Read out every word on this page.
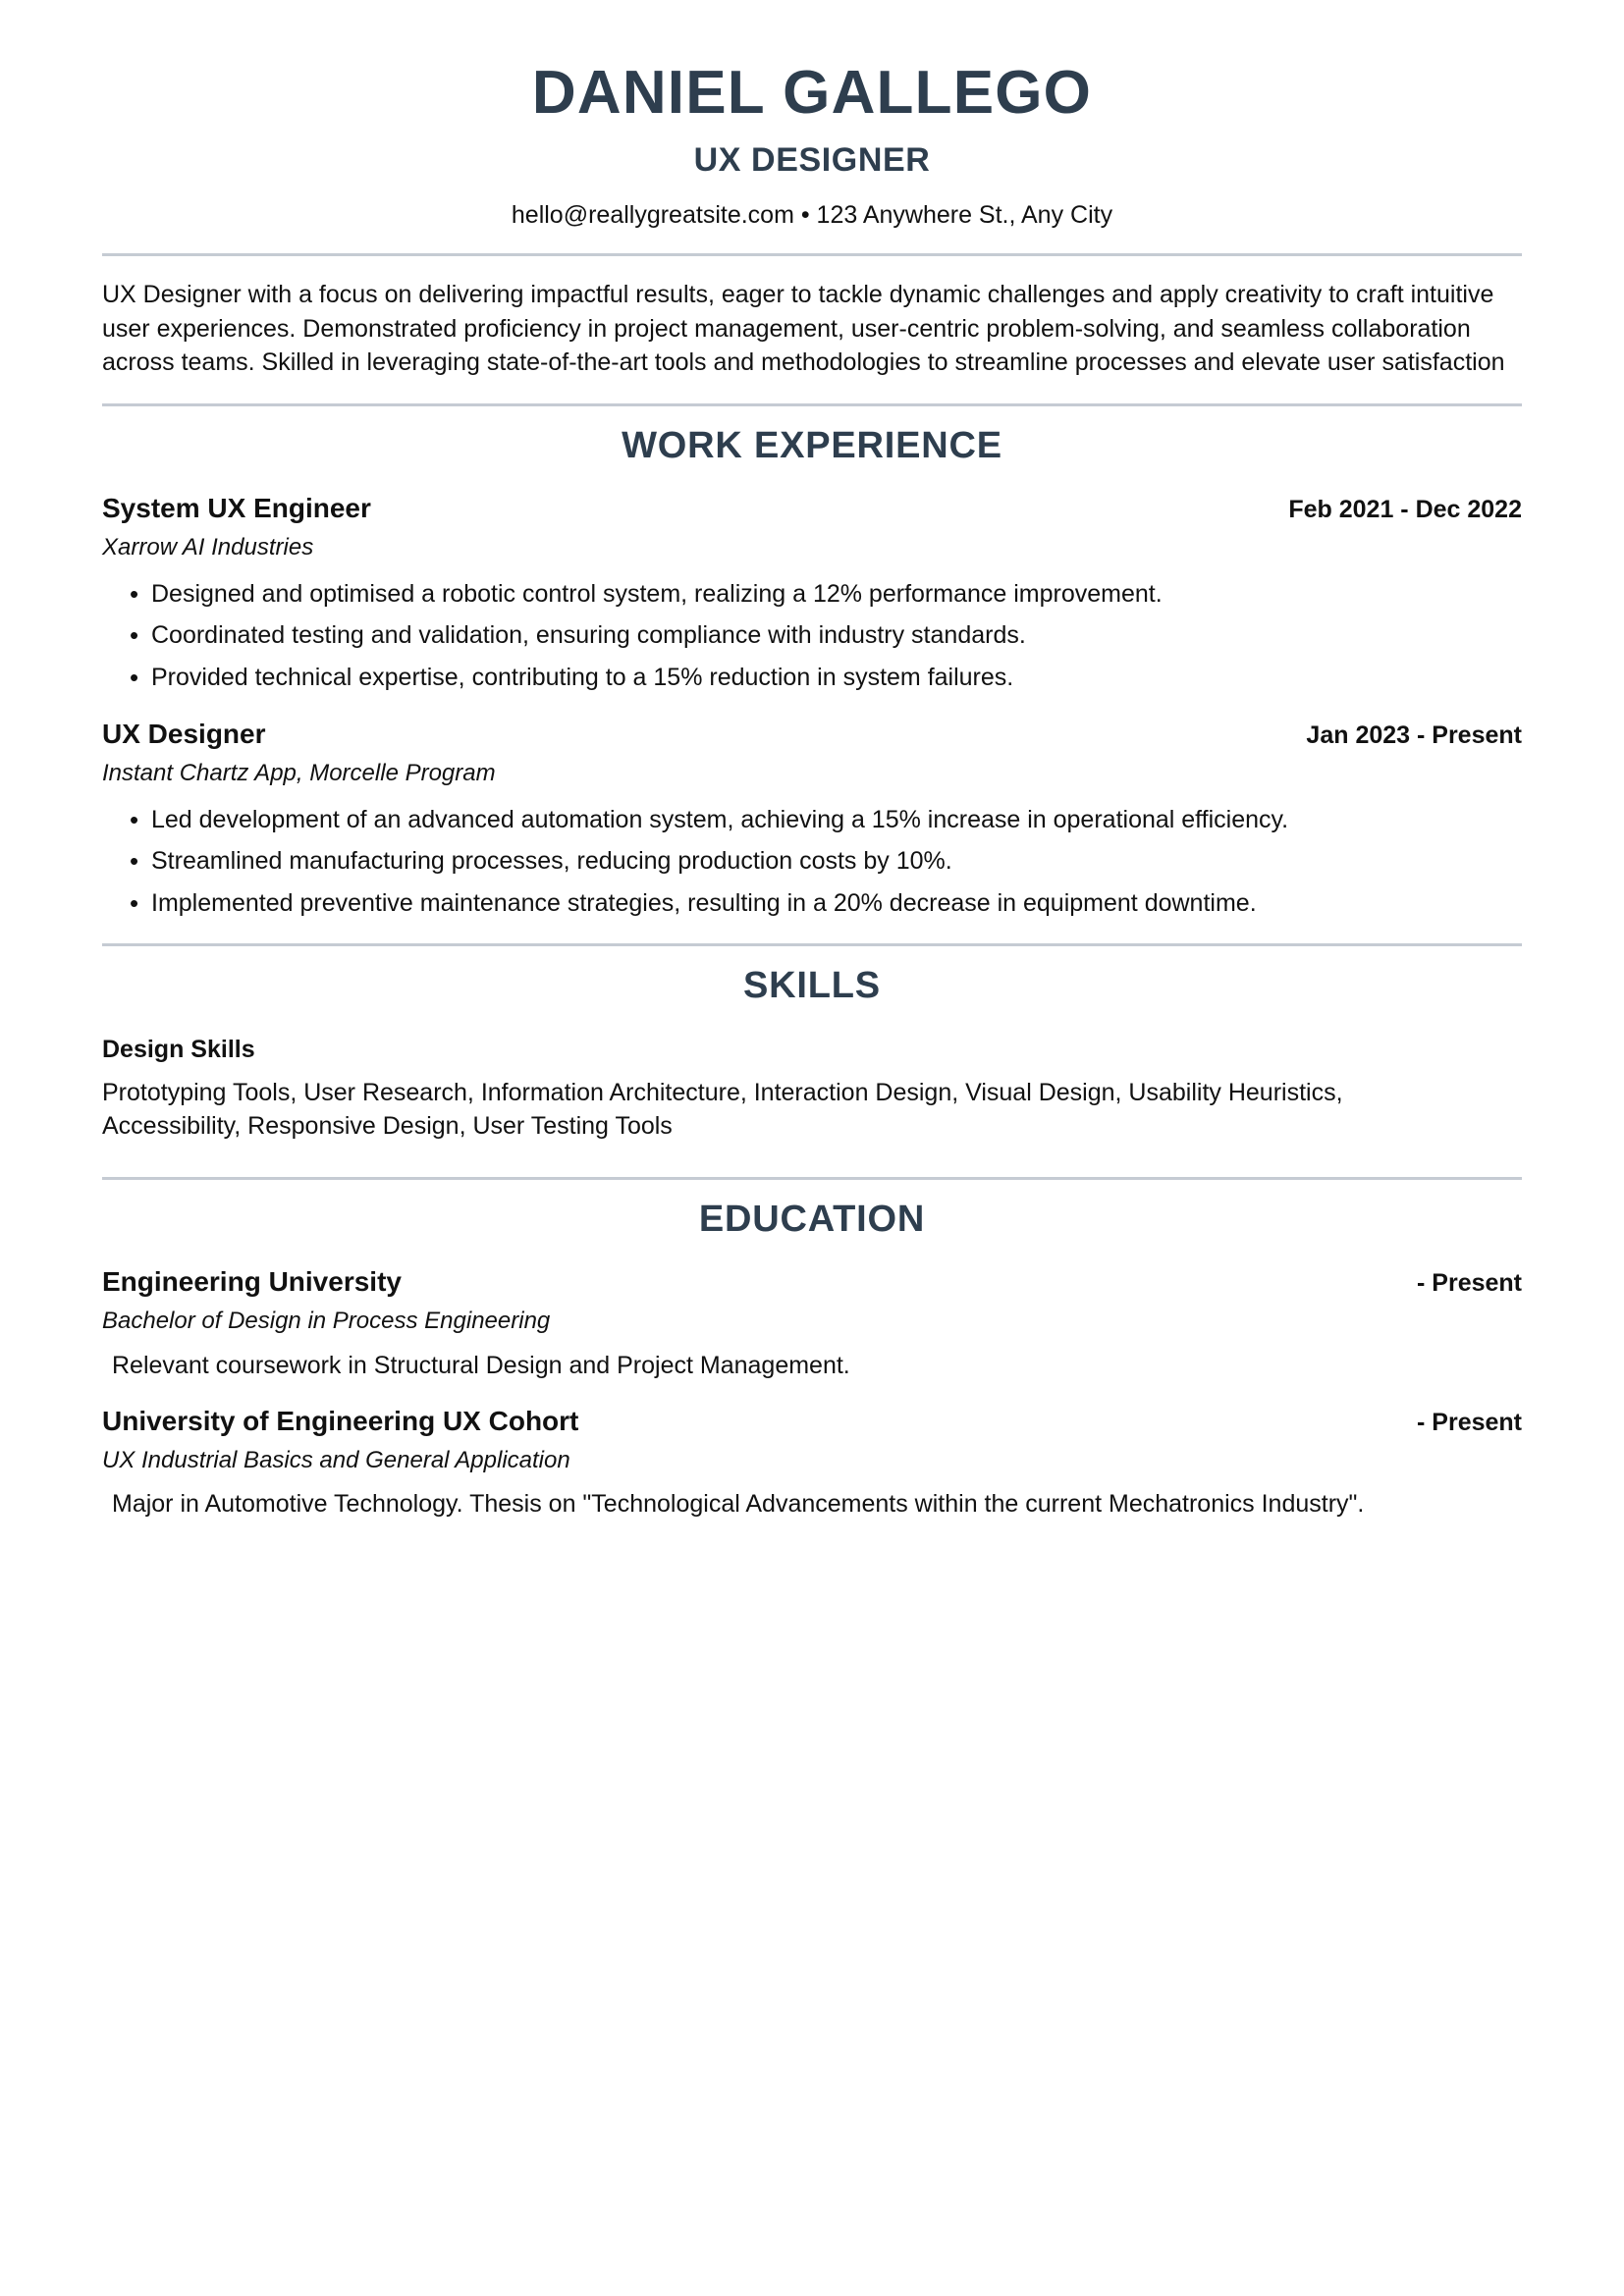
DANIEL GALLEGO
UX DESIGNER
hello@reallygreatsite.com • 123 Anywhere St., Any City

UX Designer with a focus on delivering impactful results, eager to tackle dynamic challenges and apply creativity to craft intuitive user experiences. Demonstrated proficiency in project management, user-centric problem-solving, and seamless collaboration across teams. Skilled in leveraging state-of-the-art tools and methodologies to streamline processes and elevate user satisfaction

WORK EXPERIENCE
System UX Engineer	Feb 2021 - Dec 2022
Xarrow AI Industries
• Designed and optimised a robotic control system, realizing a 12% performance improvement.
• Coordinated testing and validation, ensuring compliance with industry standards.
• Provided technical expertise, contributing to a 15% reduction in system failures.
UX Designer	Jan 2023 - Present
Instant Chartz App, Morcelle Program
• Led development of an advanced automation system, achieving a 15% increase in operational efficiency.
• Streamlined manufacturing processes, reducing production costs by 10%.
• Implemented preventive maintenance strategies, resulting in a 20% decrease in equipment downtime.
SKILLS
Design Skills
Prototyping Tools, User Research, Information Architecture, Interaction Design, Visual Design, Usability Heuristics, Accessibility, Responsive Design, User Testing Tools
EDUCATION
Engineering University	- Present
Bachelor of Design in Process Engineering
Relevant coursework in Structural Design and Project Management.
University of Engineering UX Cohort	- Present
UX Industrial Basics and General Application
Major in Automotive Technology. Thesis on "Technological Advancements within the current Mechatronics Industry".
